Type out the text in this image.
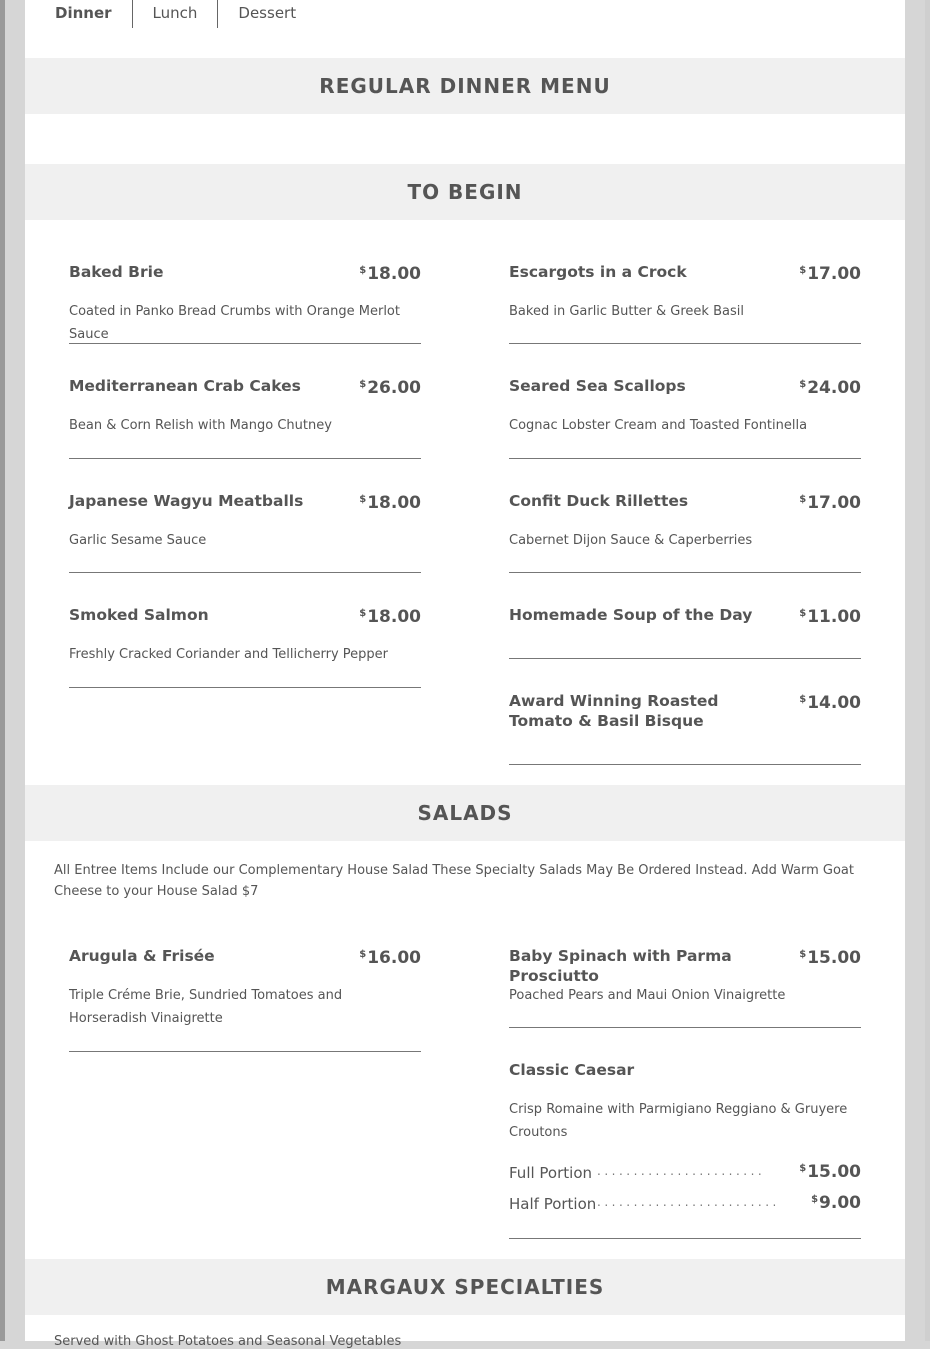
Dinner	Lunch	Dessert
REGULAR DINNER MENU
TO BEGIN
Baked Brie	$18.00
Coated in Panko Bread Crumbs with Orange Merlot Sauce
Mediterranean Crab Cakes	$26.00
Bean & Corn Relish with Mango Chutney
Japanese Wagyu Meatballs	$18.00
Garlic Sesame Sauce
Smoked Salmon	$18.00
Freshly Cracked Coriander and Tellicherry Pepper
Escargots in a Crock	$17.00
Baked in Garlic Butter & Greek Basil
Seared Sea Scallops	$24.00
Cognac Lobster Cream and Toasted Fontinella
Confit Duck Rillettes	$17.00
Cabernet Dijon Sauce & Caperberries
Homemade Soup of the Day	$11.00
Award Winning Roasted Tomato & Basil Bisque
$14.00
SALADS
All Entree Items Include our Complementary House Salad These Specialty Salads May Be Ordered Instead. Add Warm Goat Cheese to your House Salad $7
Arugula & Frisée	$16.00
Triple Créme Brie, Sundried Tomatoes and Horseradish Vinaigrette
Baby Spinach with Parma Prosciutto
$15.00
Poached Pears and Maui Onion Vinaigrette
Classic Caesar
Crisp Romaine with Parmigiano Reggiano & Gruyere Croutons
Full Portion .......................	$15.00
Half Portion .........................	$9.00
MARGAUX SPECIALTIES
Served with Ghost Potatoes and Seasonal Vegetables
